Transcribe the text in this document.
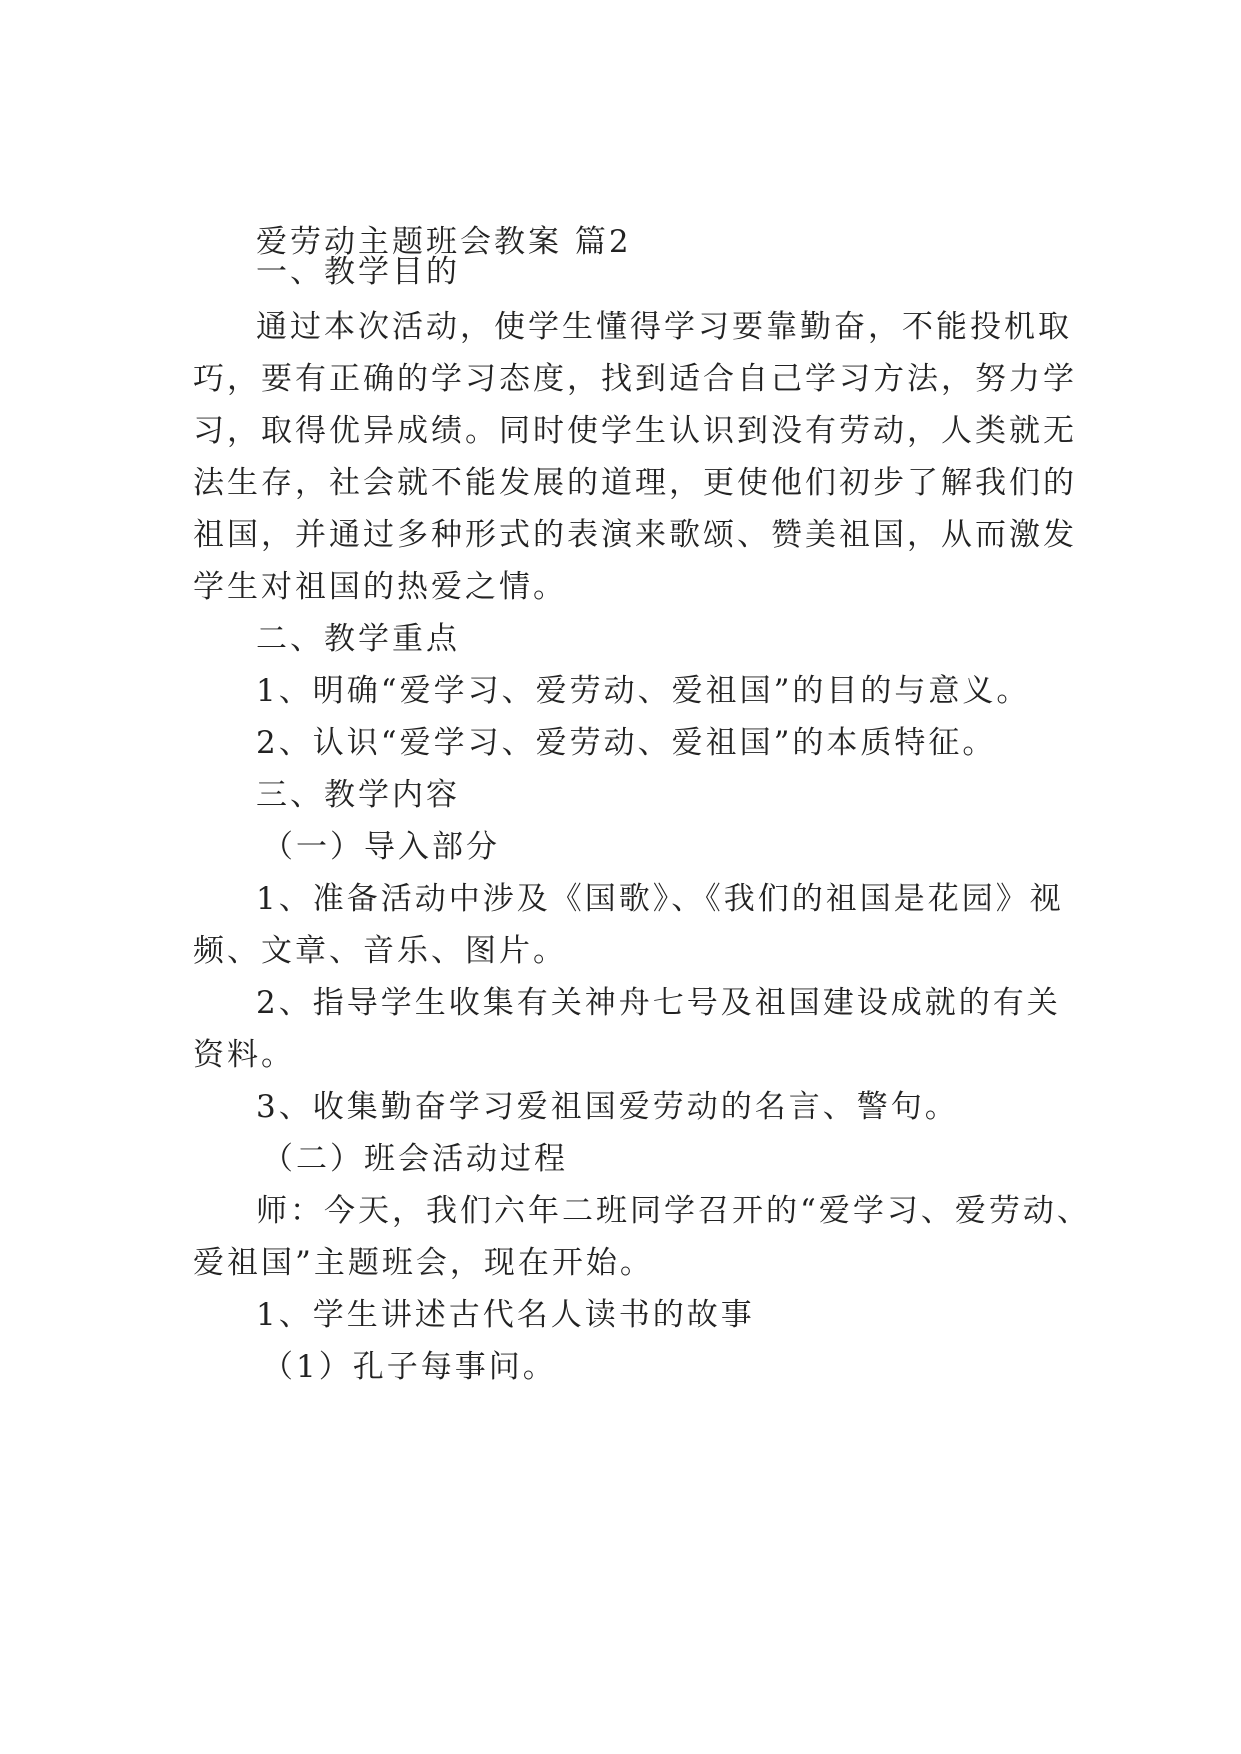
爱劳动主题班会教案 篇2
一、教学目的
通过本次活动，使学生懂得学习要靠勤奋，不能投机取
巧，要有正确的学习态度，找到适合自己学习方法，努力学
习，取得优异成绩。同时使学生认识到没有劳动，人类就无
法生存，社会就不能发展的道理，更使他们初步了解我们的
祖国，并通过多种形式的表演来歌颂、赞美祖国，从而激发
学生对祖国的热爱之情。
二、教学重点
1、明确“爱学习、爱劳动、爱祖国”的目的与意义。
2、认识“爱学习、爱劳动、爱祖国”的本质特征。
三、教学内容
（一）导入部分
1、准备活动中涉及《国歌》、《我们的祖国是花园》视
频、文章、音乐、图片。
2、指导学生收集有关神舟七号及祖国建设成就的有关
资料。
3、收集勤奋学习爱祖国爱劳动的名言、警句。
（二）班会活动过程
师：今天，我们六年二班同学召开的“爱学习、爱劳动、
爱祖国”主题班会，现在开始。
1、学生讲述古代名人读书的故事
（1）孔子每事问。
